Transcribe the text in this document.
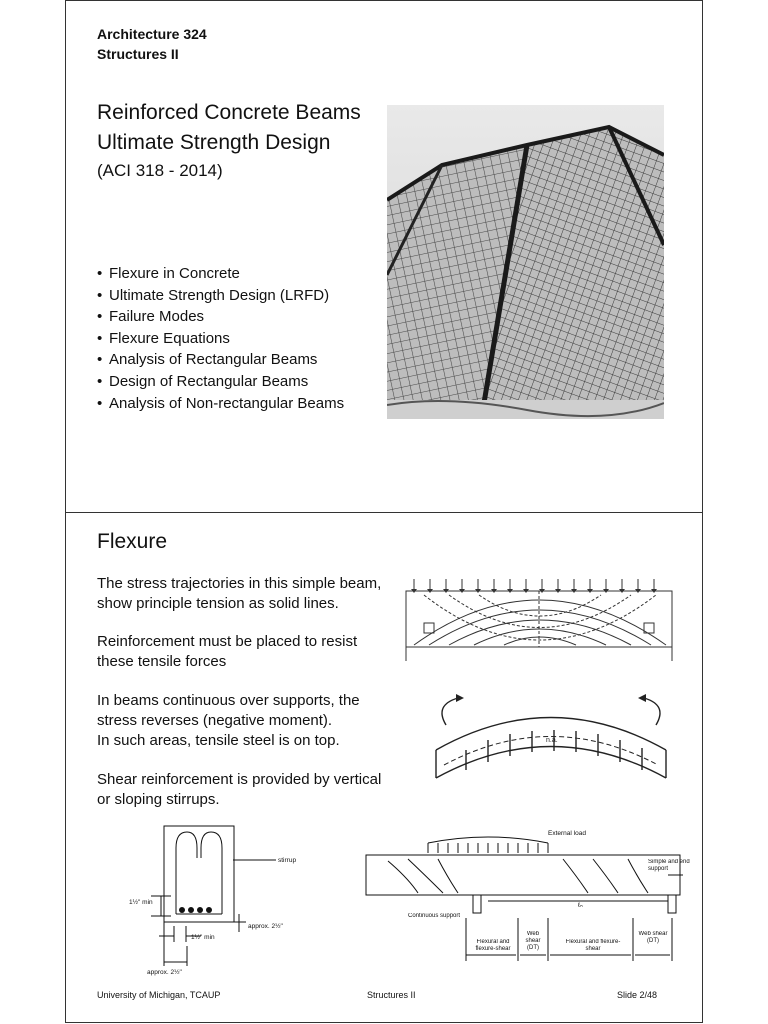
Architecture 324
Structures II
Reinforced Concrete Beams
Ultimate Strength Design
(ACI 318 - 2014)
• Flexure in Concrete
• Ultimate Strength Design (LRFD)
• Failure Modes
• Flexure Equations
• Analysis of Rectangular Beams
• Design of Rectangular Beams
• Analysis of Non-rectangular Beams
Flexure
The stress trajectories in this simple beam,
show principle tension as solid lines.
Reinforcement must be placed to resist
these tensile forces
In beams continuous over supports, the
stress reverses (negative moment).
In such areas, tensile steel is on top.
Shear reinforcement is provided by vertical
or sloping stirrups.
n.a.
stirrup
1½" min
approx. 2½"
1½" min
approx. 2½"
External load
ℓₙ
Simple and end support
Continuous support
Flexural and flexure-shear
Web shear (DT)
Flexural and flexure-shear
Web shear (DT)
University of Michigan, TCAUP	Structures II	Slide 2/48
